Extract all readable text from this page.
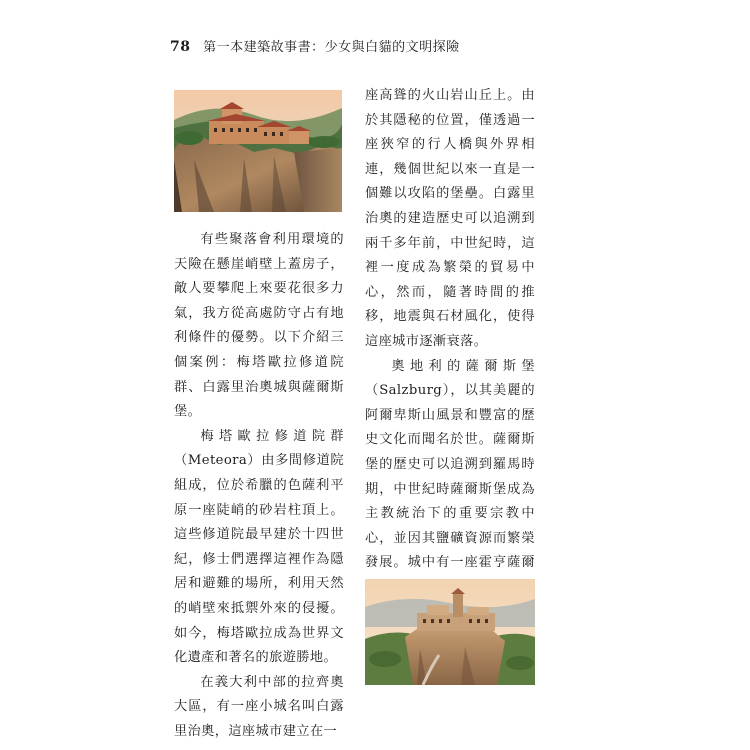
78 第一本建築故事書：少女與白貓的文明探險

有些聚落會利用環境的天險在懸崖峭壁上蓋房子，敵人要攀爬上來要花很多力氣，我方從高處防守占有地利條件的優勢。以下介紹三個案例：梅塔歐拉修道院群、白露里治奧城與薩爾斯堡。

梅塔歐拉修道院群（Meteora）由多間修道院組成，位於希臘的色薩利平原一座陡峭的砂岩柱頂上。這些修道院最早建於十四世紀，修士們選擇這裡作為隱居和避難的場所，利用天然的峭壁來抵禦外來的侵擾。如今，梅塔歐拉成為世界文化遺產和著名的旅遊勝地。

在義大利中部的拉齊奧大區，有一座小城名叫白露里治奧，這座城市建立在一

座高聳的火山岩山丘上。由於其隱秘的位置，僅透過一座狹窄的行人橋與外界相連，幾個世紀以來一直是一個難以攻陷的堡壘。白露里治奧的建造歷史可以追溯到兩千多年前，中世紀時，這裡一度成為繁榮的貿易中心，然而，隨著時間的推移，地震與石材風化，使得這座城市逐漸衰落。

奧地利的薩爾斯堡（Salzburg），以其美麗的阿爾卑斯山風景和豐富的歷史文化而聞名於世。薩爾斯堡的歷史可以追溯到羅馬時期，中世紀時薩爾斯堡成為主教統治下的重要宗教中心，並因其鹽礦資源而繁榮發展。城中有一座霍亨薩爾
